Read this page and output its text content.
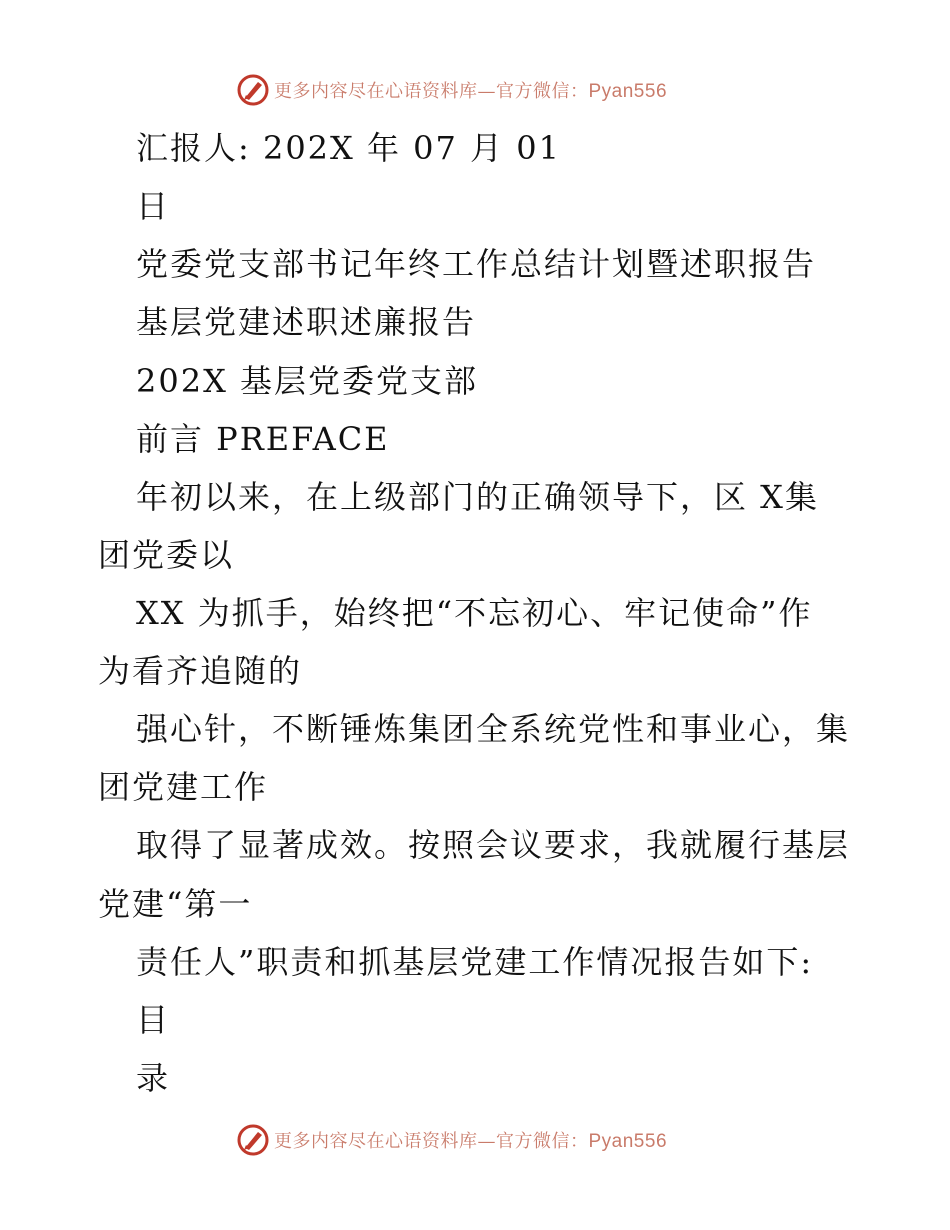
更多内容尽在心语资料库—官方微信：Pyan556
汇报人: 202X 年 07 月 01
日
党委党支部书记年终工作总结计划暨述职报告
基层党建述职述廉报告
202X 基层党委党支部
前言 PREFACE
年初以来，在上级部门的正确领导下，区 X集
团党委以
XX 为抓手，始终把“不忘初心、牢记使命”作
为看齐追随的
强心针，不断锤炼集团全系统党性和事业心，集
团党建工作
取得了显著成效。按照会议要求，我就履行基层
党建“第一
责任人”职责和抓基层党建工作情况报告如下:
目
录
更多内容尽在心语资料库—官方微信：Pyan556
